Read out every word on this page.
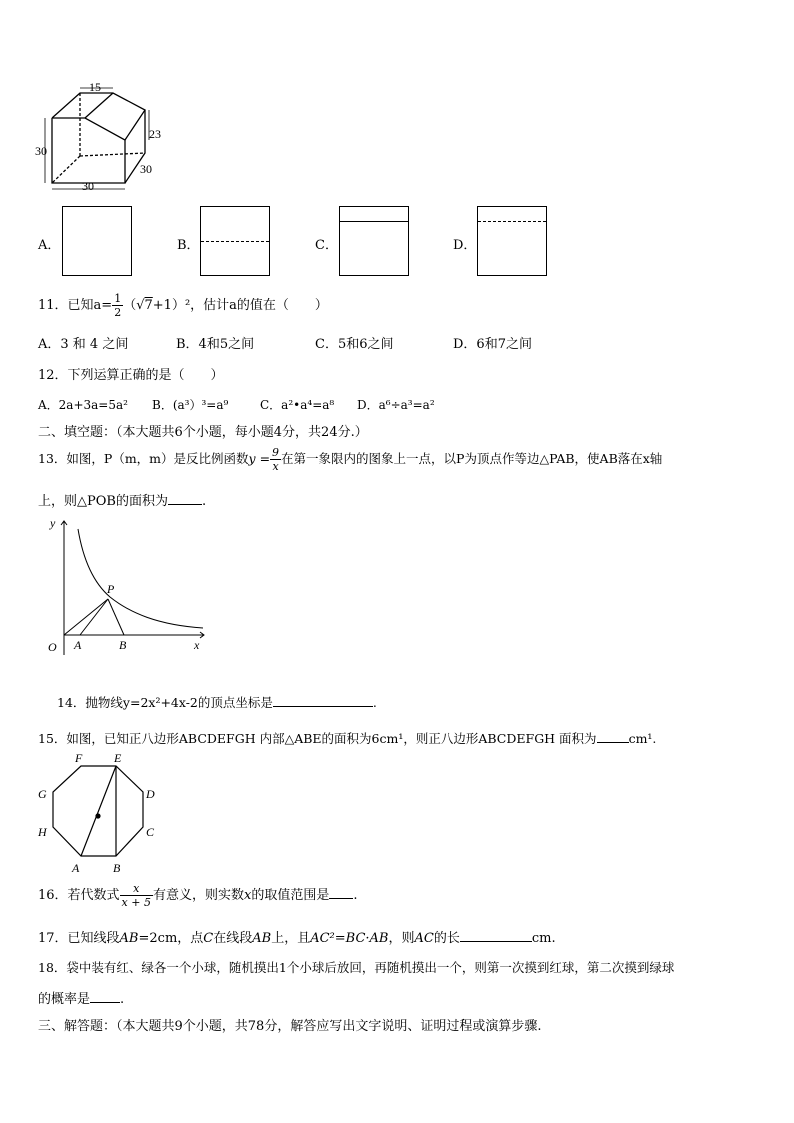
15
23
30
30
30
A．	B．	C．	D．
11．已知$a= \frac{1}{2} (√7+1)^2$，估计a的值在（　　）
A．3 和 4 之间	B．4和5之间	C．5和6之间	D．6和7之间
12．下列运算正确的是（　　）
A．2a+3a=5a² B．(a³）³=a⁹	C．a²•a⁴=a⁸ D．a⁶÷a³=a²
二、填空题：（本大题共6个小题，每小题4分，共24分.）
13．如图，P（m，m）是反比例函数$y = \frac{9}{x}$ 在第一象限内的图象上一点，以P为顶点作等边△PAB，使AB落在x轴
上，则△POB的面积为	.
y
x
O A	B
P
14．抛物线y=2x²+4x-2的顶点坐标是	.
15．如图，已知正八边形ABCDEFGH 内部△ABE的面积为6cm¹，则正八边形ABCDEFGH 面积为	cm¹.
F	E
D
C
B
A
H
G
16．若代数式 $\frac{x}{x + 5}$ 有意义，则实数x的取值范围是 .
17．已知线段AB=2cm，点C在线段AB上，且AC²=BC·AB，则AC的长	cm.
18．袋中装有红、绿各一个小球，随机摸出1个小球后放回，再随机摸出一个，则第一次摸到红球，第二次摸到绿球
的概率是 .
三、解答题：（本大题共9个小题，共78分，解答应写出文字说明、证明过程或演算步骤.
